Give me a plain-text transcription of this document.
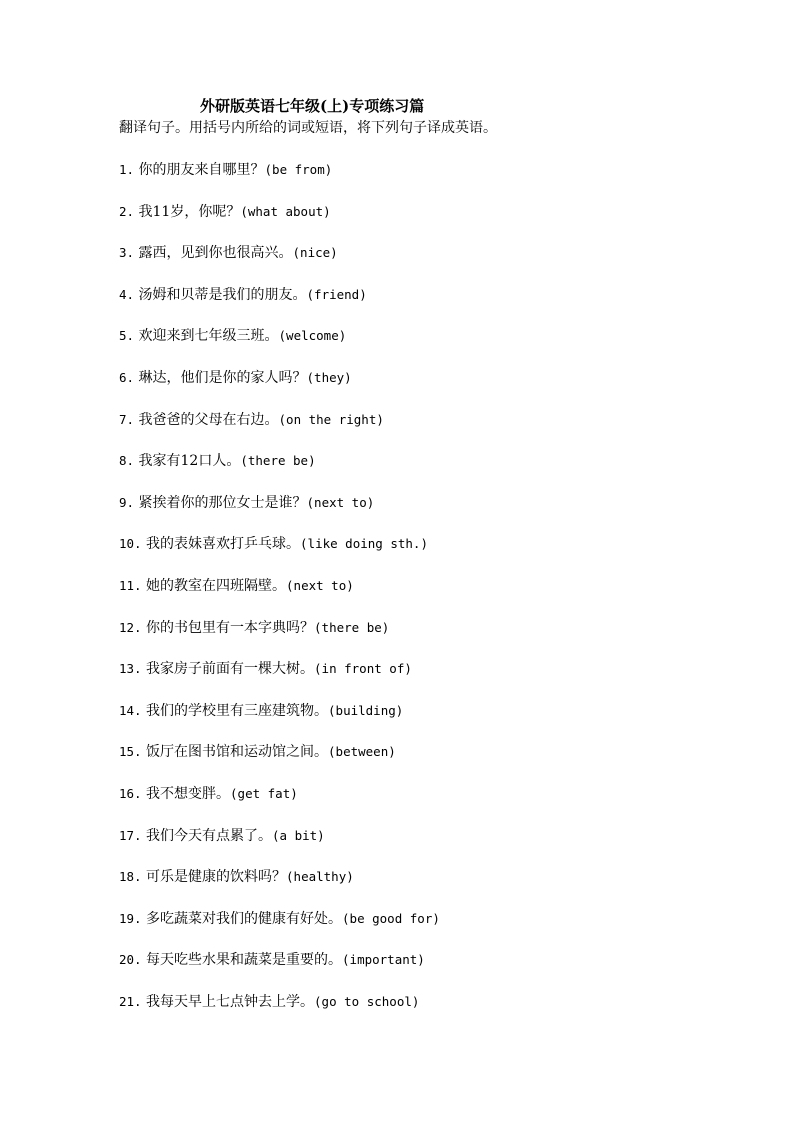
外研版英语七年级(上)专项练习篇
翻译句子。用括号内所给的词或短语，将下列句子译成英语。
1. 你的朋友来自哪里？(be from)
2. 我11岁，你呢？(what about)
3. 露西，见到你也很高兴。(nice)
4. 汤姆和贝蒂是我们的朋友。(friend)
5. 欢迎来到七年级三班。(welcome)
6. 琳达，他们是你的家人吗？(they)
7. 我爸爸的父母在右边。(on the right)
8. 我家有12口人。(there be)
9. 紧挨着你的那位女士是谁？(next to)
10. 我的表妹喜欢打乒乓球。(like doing sth.)
11. 她的教室在四班隔壁。(next to)
12. 你的书包里有一本字典吗？(there be)
13. 我家房子前面有一棵大树。(in front of)
14. 我们的学校里有三座建筑物。(building)
15. 饭厅在图书馆和运动馆之间。(between)
16. 我不想变胖。(get fat)
17. 我们今天有点累了。(a bit)
18. 可乐是健康的饮料吗？(healthy)
19. 多吃蔬菜对我们的健康有好处。(be good for)
20. 每天吃些水果和蔬菜是重要的。(important)
21. 我每天早上七点钟去上学。(go to school)
